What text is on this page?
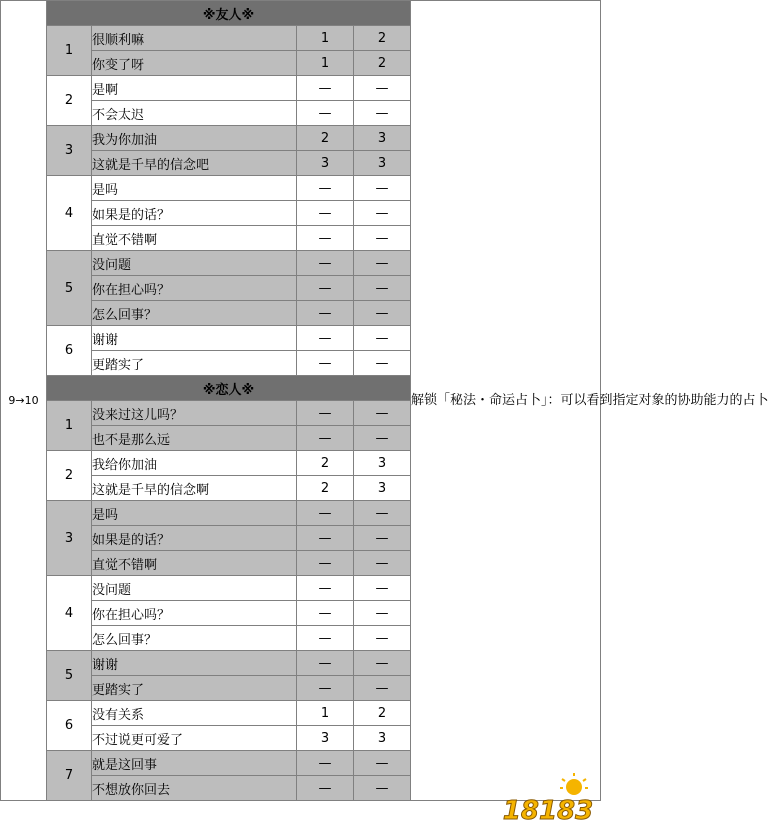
9→10	※友人※				解锁「秘法・命运占卜」：可以看到指定对象的协助能力的占卜
	1	很顺利嘛	1	2	
		你变了呀	1	2	
	2	是啊	—	—	
		不会太迟	—	—	
	3	我为你加油	2	3	
		这就是千早的信念吧	3	3	
	4	是吗	—	—	
		如果是的话？	—	—	
		直觉不错啊	—	—	
	5	没问题	—	—	
		你在担心吗？	—	—	
		怎么回事？	—	—	
	6	谢谢	—	—	
		更踏实了	—	—	
	※恋人※				
	1	没来过这儿吗？	—	—	
		也不是那么远	—	—	
	2	我给你加油	2	3	
		这就是千早的信念啊	2	3	
	3	是吗	—	—	
		如果是的话？	—	—	
		直觉不错啊	—	—	
	4	没问题	—	—	
		你在担心吗？	—	—	
		怎么回事？	—	—	
	5	谢谢	—	—	
		更踏实了	—	—	
	6	没有关系	1	2	
		不过说更可爱了	3	3	
	7	就是这回事	—	—	
		不想放你回去	—	—	
18183
